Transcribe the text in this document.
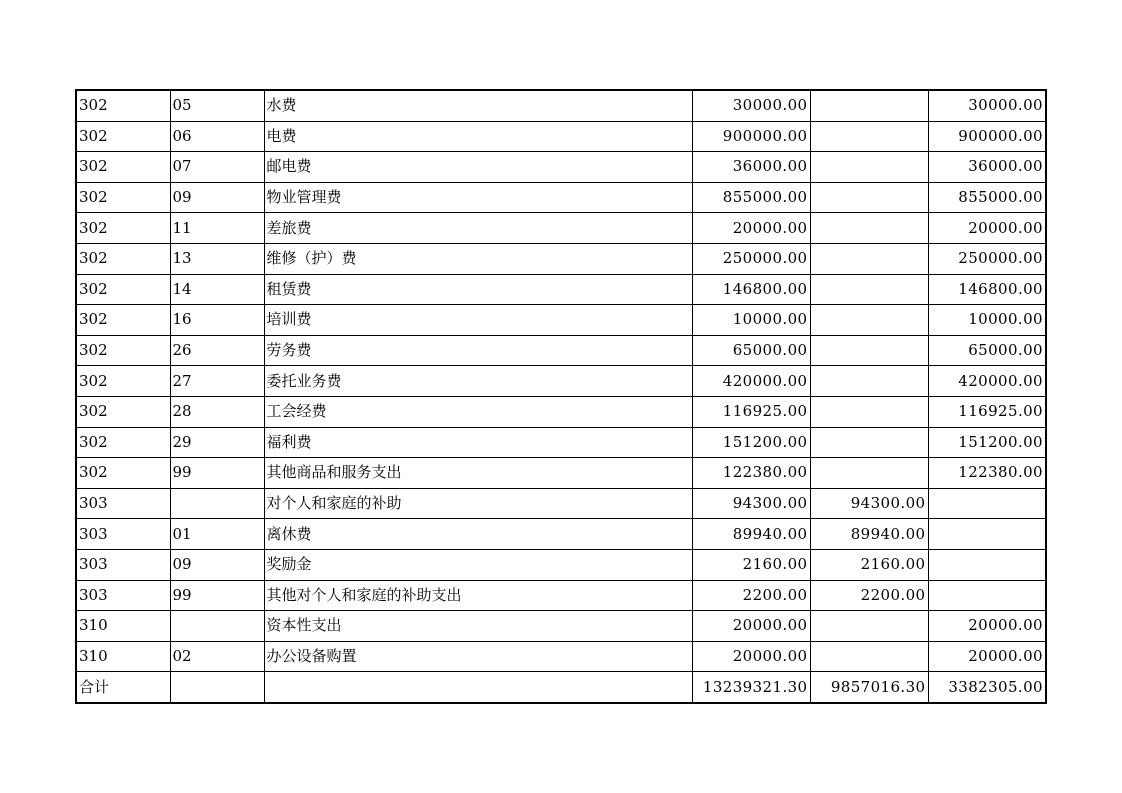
302	05	水费	30000.00		30000.00
302	06	电费	900000.00		900000.00
302	07	邮电费	36000.00		36000.00
302	09	物业管理费	855000.00		855000.00
302	11	差旅费	20000.00		20000.00
302	13	维修（护）费	250000.00		250000.00
302	14	租赁费	146800.00		146800.00
302	16	培训费	10000.00		10000.00
302	26	劳务费	65000.00		65000.00
302	27	委托业务费	420000.00		420000.00
302	28	工会经费	116925.00		116925.00
302	29	福利费	151200.00		151200.00
302	99	其他商品和服务支出	122380.00		122380.00
303		对个人和家庭的补助	94300.00	94300.00	
303	01	离休费	89940.00	89940.00	
303	09	奖励金	2160.00	2160.00	
303	99	其他对个人和家庭的补助支出	2200.00	2200.00	
310		资本性支出	20000.00		20000.00
310	02	办公设备购置	20000.00		20000.00
合计			13239321.30	9857016.30	3382305.00
